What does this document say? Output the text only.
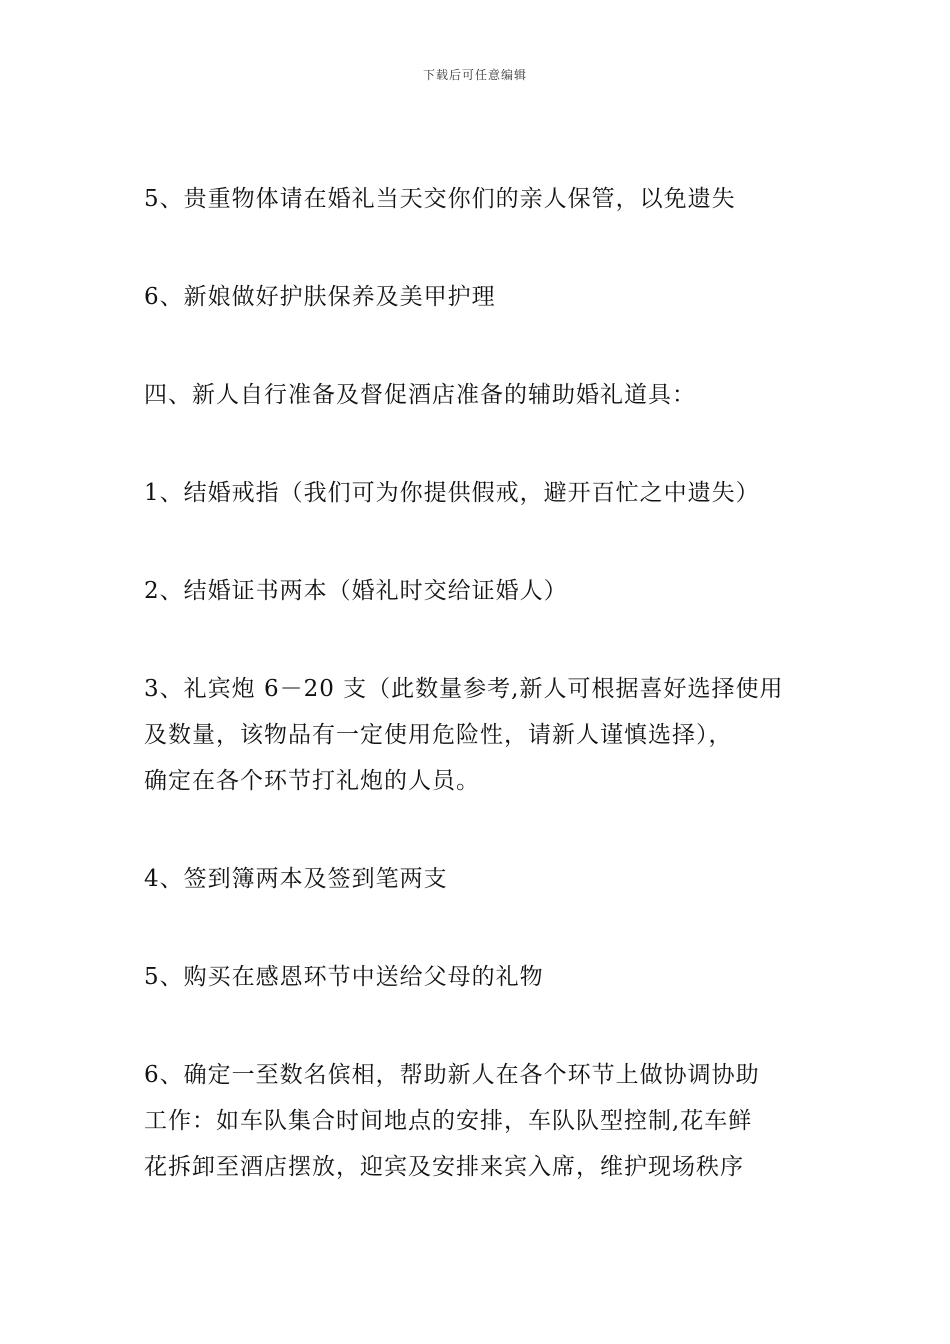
下载后可任意编辑
5、贵重物体请在婚礼当天交你们的亲人保管，以免遗失
6、新娘做好护肤保养及美甲护理
四、新人自行准备及督促酒店准备的辅助婚礼道具：
1、结婚戒指（我们可为你提供假戒，避开百忙之中遗失）
2、结婚证书两本（婚礼时交给证婚人）
3、礼宾炮 6－20 支（此数量参考,新人可根据喜好选择使用
及数量，该物品有一定使用危险性，请新人谨慎选择），
确定在各个环节打礼炮的人员。
4、签到簿两本及签到笔两支
5、购买在感恩环节中送给父母的礼物
6、确定一至数名傧相，帮助新人在各个环节上做协调协助
工作：如车队集合时间地点的安排，车队队型控制,花车鲜
花拆卸至酒店摆放，迎宾及安排来宾入席，维护现场秩序
